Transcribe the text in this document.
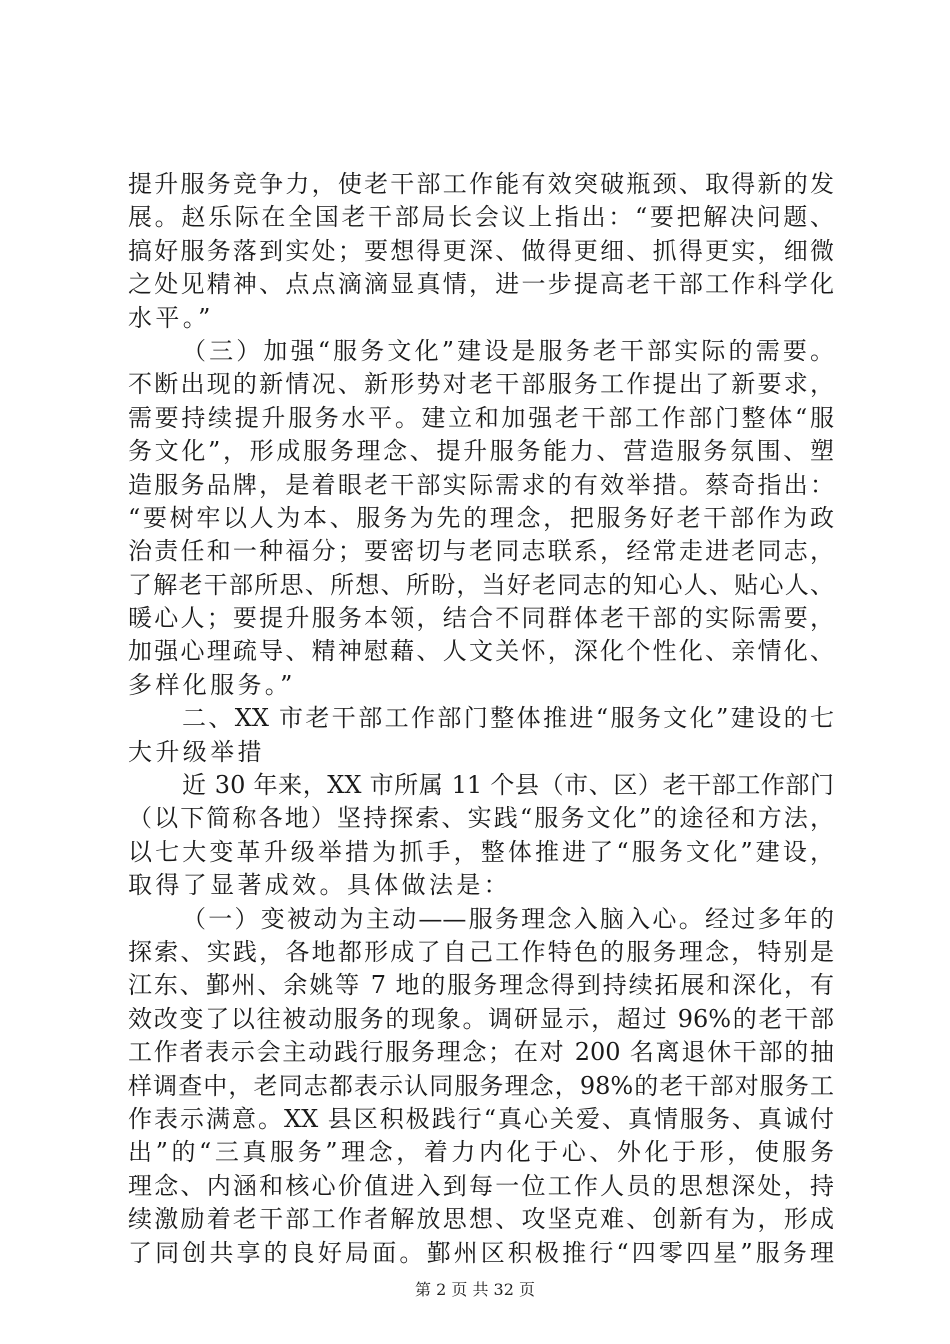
提升服务竞争力，使老干部工作能有效突破瓶颈、取得新的发
展。赵乐际在全国老干部局长会议上指出：“要把解决问题、
搞好服务落到实处；要想得更深、做得更细、抓得更实，细微
之处见精神、点点滴滴显真情，进一步提高老干部工作科学化
水平。”
（三）加强“服务文化”建设是服务老干部实际的需要。
不断出现的新情况、新形势对老干部服务工作提出了新要求，
需要持续提升服务水平。建立和加强老干部工作部门整体“服
务文化”，形成服务理念、提升服务能力、营造服务氛围、塑
造服务品牌，是着眼老干部实际需求的有效举措。蔡奇指出：
“要树牢以人为本、服务为先的理念，把服务好老干部作为政
治责任和一种福分；要密切与老同志联系，经常走进老同志，
了解老干部所思、所想、所盼，当好老同志的知心人、贴心人、
暖心人；要提升服务本领，结合不同群体老干部的实际需要，
加强心理疏导、精神慰藉、人文关怀，深化个性化、亲情化、
多样化服务。”
二、XX 市老干部工作部门整体推进“服务文化”建设的七
大升级举措
近 30 年来，XX 市所属 11 个县（市、区）老干部工作部门
（以下简称各地）坚持探索、实践“服务文化”的途径和方法，
以七大变革升级举措为抓手，整体推进了“服务文化”建设，
取得了显著成效。具体做法是：
（一）变被动为主动——服务理念入脑入心。经过多年的
探索、实践，各地都形成了自己工作特色的服务理念，特别是
江东、鄞州、余姚等 7 地的服务理念得到持续拓展和深化，有
效改变了以往被动服务的现象。调研显示，超过 96%的老干部
工作者表示会主动践行服务理念；在对 200 名离退休干部的抽
样调查中，老同志都表示认同服务理念，98%的老干部对服务工
作表示满意。XX 县区积极践行“真心关爱、真情服务、真诚付
出”的“三真服务”理念，着力内化于心、外化于形，使服务
理念、内涵和核心价值进入到每一位工作人员的思想深处，持
续激励着老干部工作者解放思想、攻坚克难、创新有为，形成
了同创共享的良好局面。鄞州区积极推行“四零四星”服务理
第 2 页 共 32 页
